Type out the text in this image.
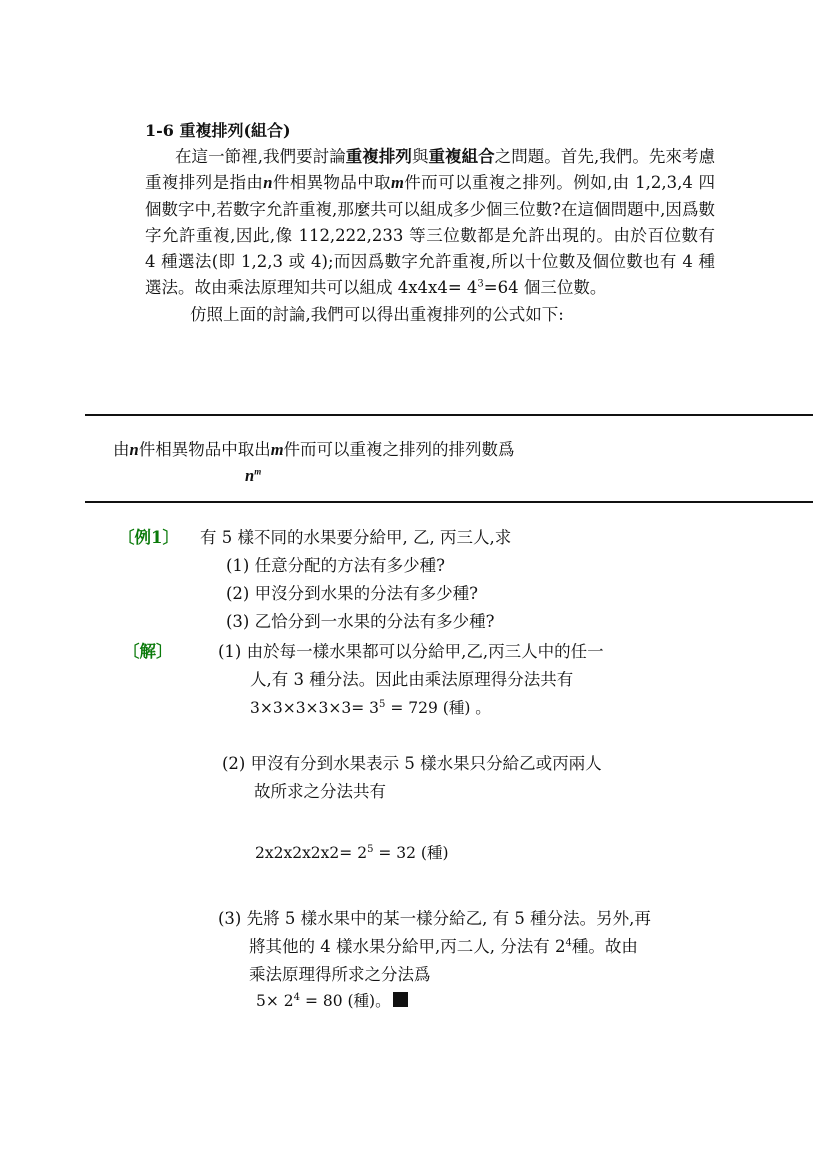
1-6 重複排列(組合)

在這一節裡,我們要討論重複排列與重複組合之問題。首先,我們。先來考慮重複排列是指由n件相異物品中取m件而可以重複之排列。例如,由 1,2,3,4 四個數字中,若數字允許重複,那麼共可以組成多少個三位數?在這個問題中,因爲數字允許重複,因此,像 112,222,233 等三位數都是允許出現的。由於百位數有 4 種選法(即 1,2,3 或 4);而因爲數字允許重複,所以十位數及個位數也有 4 種選法。故由乘法原理知共可以組成 $4x4x4= 4^3=64$ 個三位數。

仿照上面的討論,我們可以得出重複排列的公式如下:

由n件相異物品中取出m件而可以重複之排列的排列數爲
$n^m$
〔例1〕 有 5 樣不同的水果要分給甲, 乙, 丙三人,求
(1) 任意分配的方法有多少種?
(2) 甲沒分到水果的分法有多少種?
(3) 乙恰分到一水果的分法有多少種?
〔解〕	(1) 由於每一樣水果都可以分給甲,乙,丙三人中的任一
人,有 3 種分法。因此由乘法原理得分法共有
$3\times 3\times 3\times 3\times 3= 3^5 = 729$ (種) 。
(2) 甲沒有分到水果表示 5 樣水果只分給乙或丙兩人
故所求之分法共有
$2x2x2x2x2= 2^5 = 32$ (種)
(3) 先將 5 樣水果中的某一樣分給乙, 有 5 種分法。另外,再
將其他的 4 樣水果分給甲,丙二人, 分法有 $2^4$種。故由
乘法原理得所求之分法爲
$5\times 2^4 = 80$ (種)。
